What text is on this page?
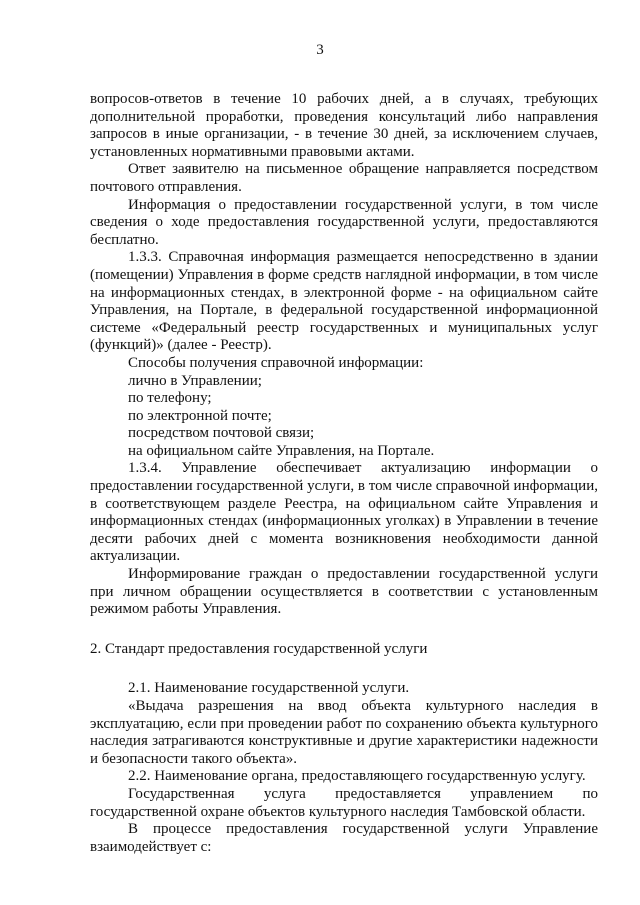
3

вопросов-ответов в течение 10 рабочих дней, а в случаях, требующих дополнительной проработки, проведения консультаций либо направления запросов в иные организации, - в течение 30 дней, за исключением случаев, установленных нормативными правовыми актами.

Ответ заявителю на письменное обращение направляется посредством почтового отправления.

Информация о предоставлении государственной услуги, в том числе сведения о ходе предоставления государственной услуги, предоставляются бесплатно.

1.3.3. Справочная информация размещается непосредственно в здании (помещении) Управления в форме средств наглядной информации, в том числе на информационных стендах, в электронной форме - на официальном сайте Управления, на Портале, в федеральной государственной информационной системе «Федеральный реестр государственных и муниципальных услуг (функций)» (далее - Реестр).

Способы получения справочной информации:

лично в Управлении;
по телефону;
по электронной почте;
посредством почтовой связи;
на официальном сайте Управления, на Портале.

1.3.4. Управление обеспечивает актуализацию информации о предоставлении государственной услуги, в том числе справочной информации, в соответствующем разделе Реестра, на официальном сайте Управления и информационных стендах (информационных уголках) в Управлении в течение десяти рабочих дней с момента возникновения необходимости данной актуализации.

Информирование граждан о предоставлении государственной услуги при личном обращении осуществляется в соответствии с установленным режимом работы Управления.

2. Стандарт предоставления государственной услуги

2.1. Наименование государственной услуги.

«Выдача разрешения на ввод объекта культурного наследия в эксплуатацию, если при проведении работ по сохранению объекта культурного наследия затрагиваются конструктивные и другие характеристики надежности и безопасности такого объекта».

2.2. Наименование органа, предоставляющего государственную услугу.

Государственная услуга предоставляется управлением по государственной охране объектов культурного наследия Тамбовской области.

В процессе предоставления государственной услуги Управление взаимодействует с:
